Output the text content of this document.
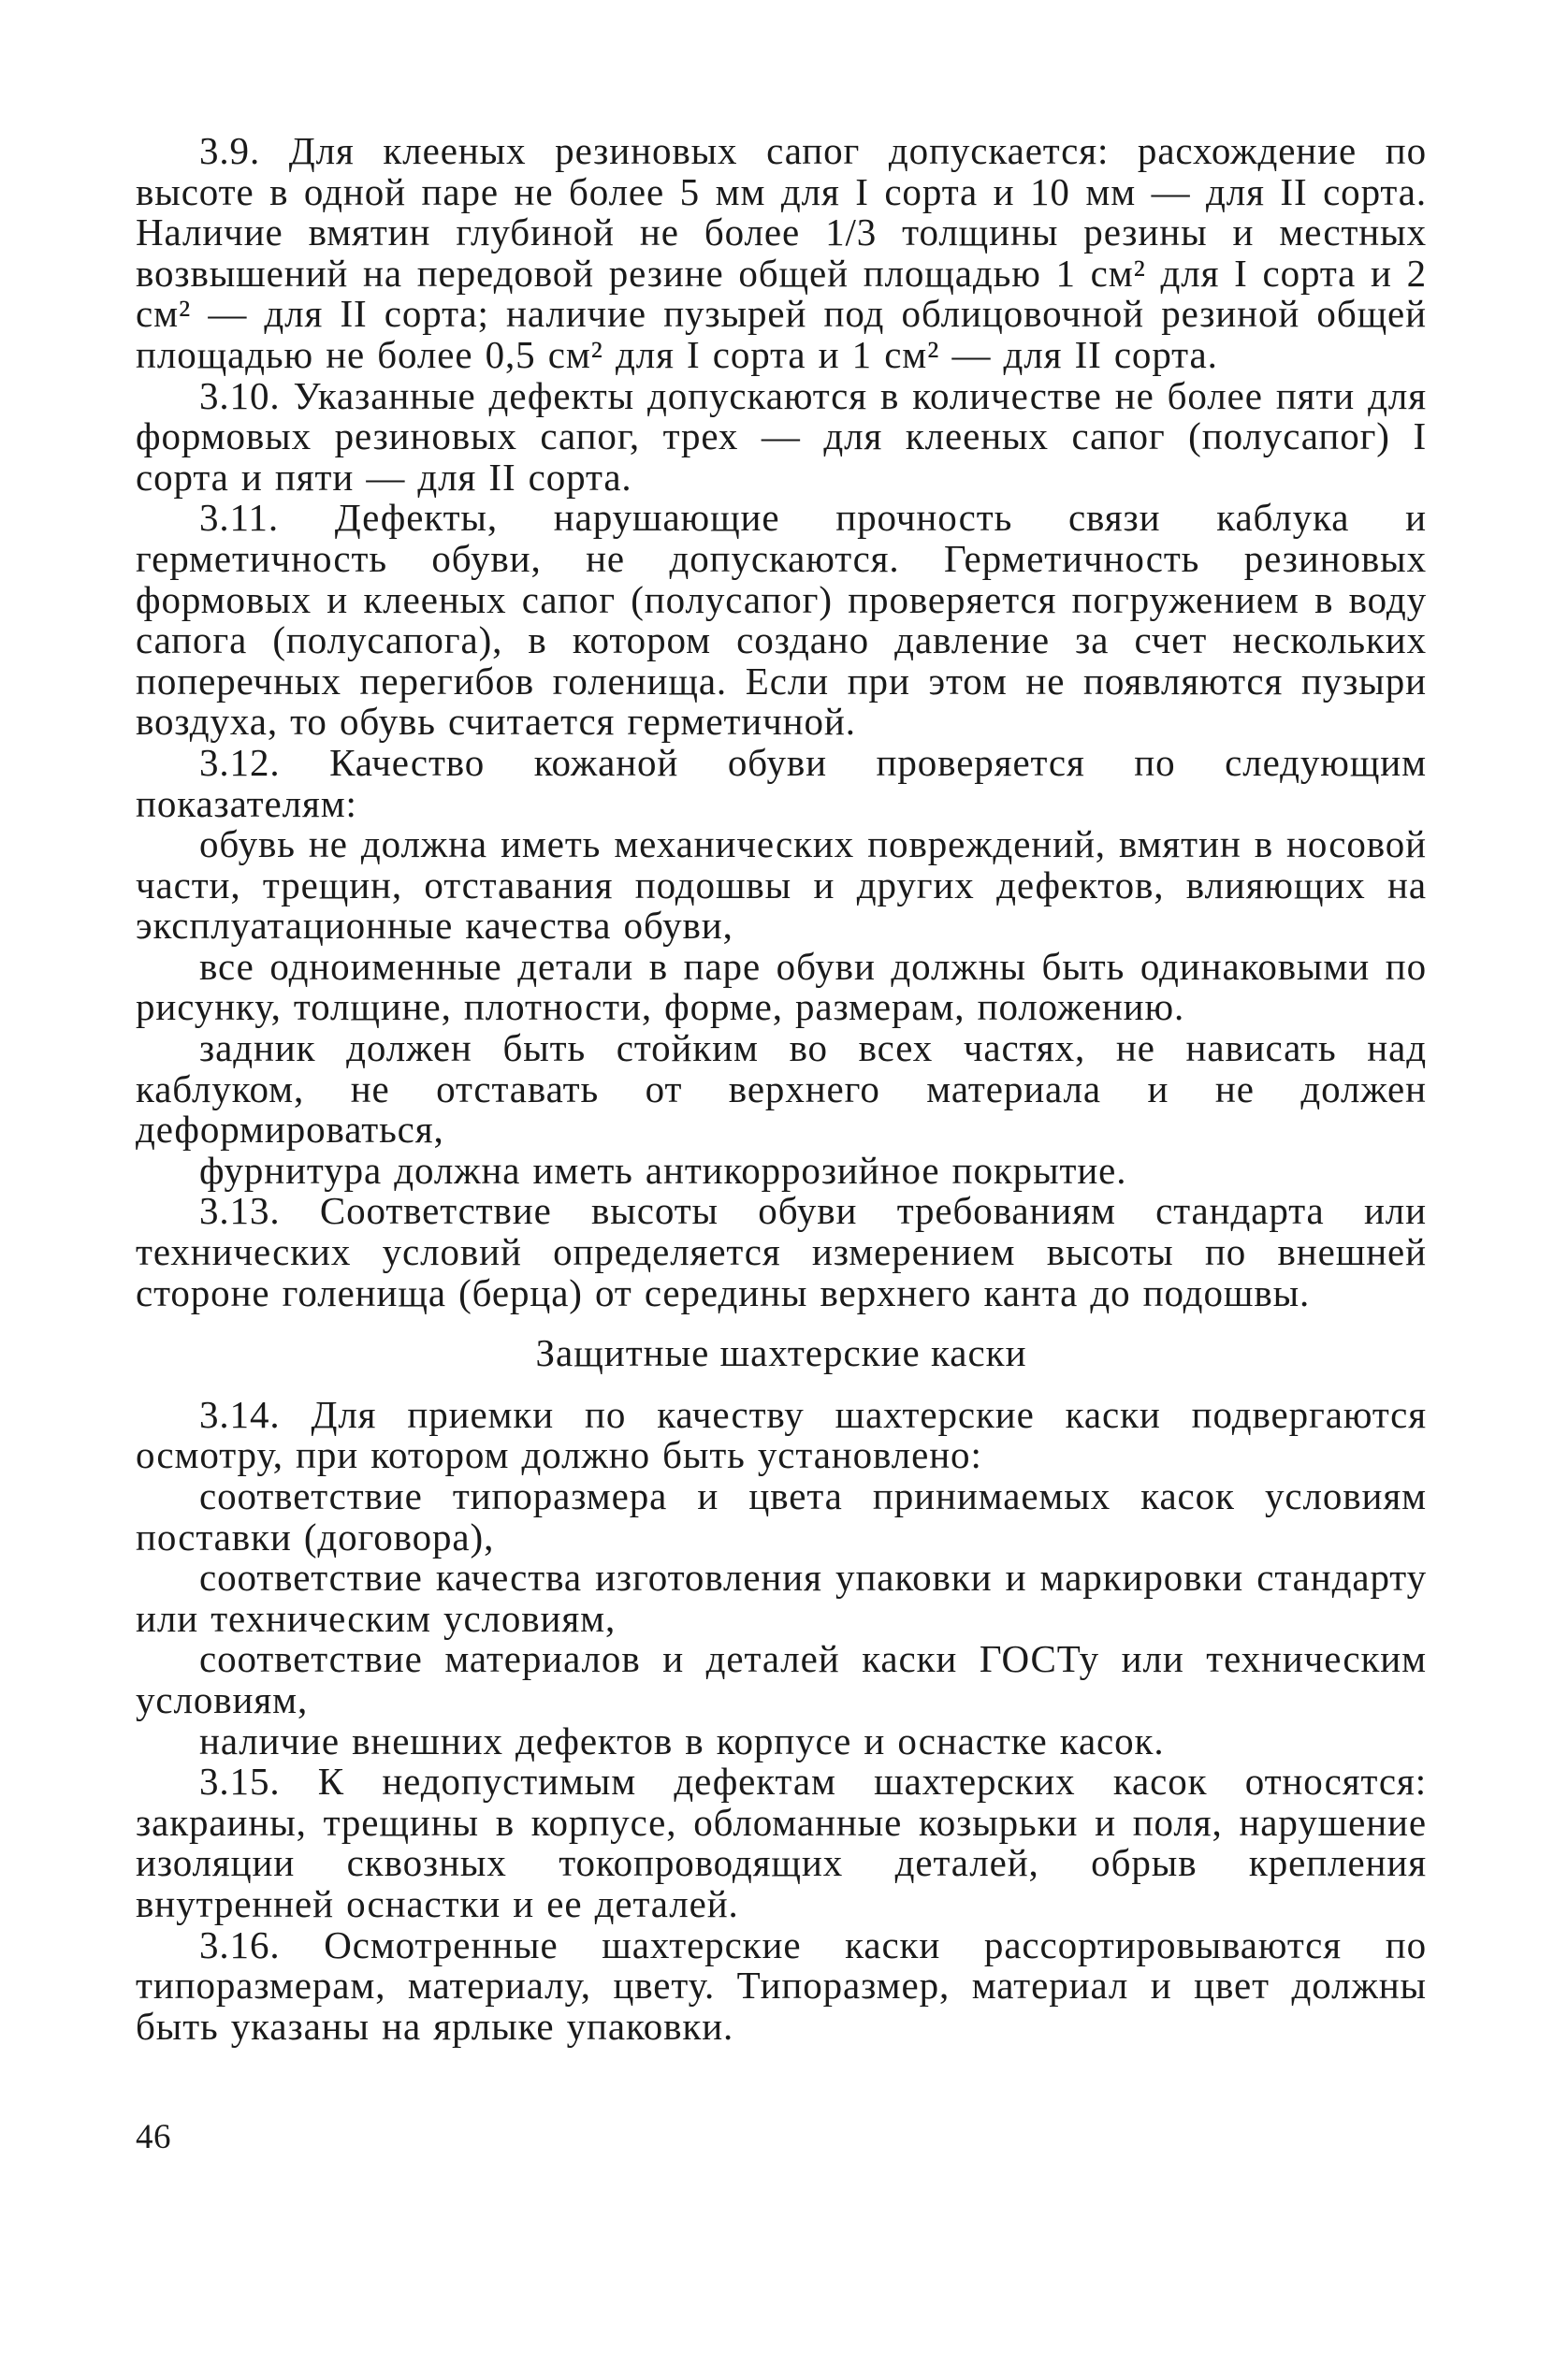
3.9. Для клееных резиновых сапог допускается: расхождение по высоте в одной паре не более 5 мм для I сорта и 10 мм — для II сорта. Наличие вмятин глубиной не более 1/3 толщины резины и местных возвышений на передовой резине общей площадью 1 см² для I сорта и 2 см² — для II сорта; наличие пузырей под облицовочной резиной общей площадью не более 0,5 см² для I сорта и 1 см² — для II сорта.

3.10. Указанные дефекты допускаются в количестве не более пяти для формовых резиновых сапог, трех — для клееных сапог (полусапог) I сорта и пяти — для II сорта.

3.11. Дефекты, нарушающие прочность связи каблука и герметичность обуви, не допускаются. Герметичность резиновых формовых и клееных сапог (полусапог) проверяется погружением в воду сапога (полусапога), в котором создано давление за счет нескольких поперечных перегибов голенища. Если при этом не появляются пузыри воздуха, то обувь считается герметичной.

3.12. Качество кожаной обуви проверяется по следующим показателям:

обувь не должна иметь механических повреждений, вмятин в носовой части, трещин, отставания подошвы и других дефектов, влияющих на эксплуатационные качества обуви,

все одноименные детали в паре обуви должны быть одинаковыми по рисунку, толщине, плотности, форме, размерам, положению.

задник должен быть стойким во всех частях, не нависать над каблуком, не отставать от верхнего материала и не должен деформироваться,

фурнитура должна иметь антикоррозийное покрытие.

3.13. Соответствие высоты обуви требованиям стандарта или технических условий определяется измерением высоты по внешней стороне голенища (берца) от середины верхнего канта до подошвы.

Защитные шахтерские каски

3.14. Для приемки по качеству шахтерские каски подвергаются осмотру, при котором должно быть установлено:

соответствие типоразмера и цвета принимаемых касок условиям поставки (договора),

соответствие качества изготовления упаковки и маркировки стандарту или техническим условиям,

соответствие материалов и деталей каски ГОСТу или техническим условиям,

наличие внешних дефектов в корпусе и оснастке касок.

3.15. К недопустимым дефектам шахтерских касок относятся: закраины, трещины в корпусе, обломанные козырьки и поля, нарушение изоляции сквозных токопроводящих деталей, обрыв крепления внутренней оснастки и ее деталей.

3.16. Осмотренные шахтерские каски рассортировываются по типоразмерам, материалу, цвету. Типоразмер, материал и цвет должны быть указаны на ярлыке упаковки.

46
